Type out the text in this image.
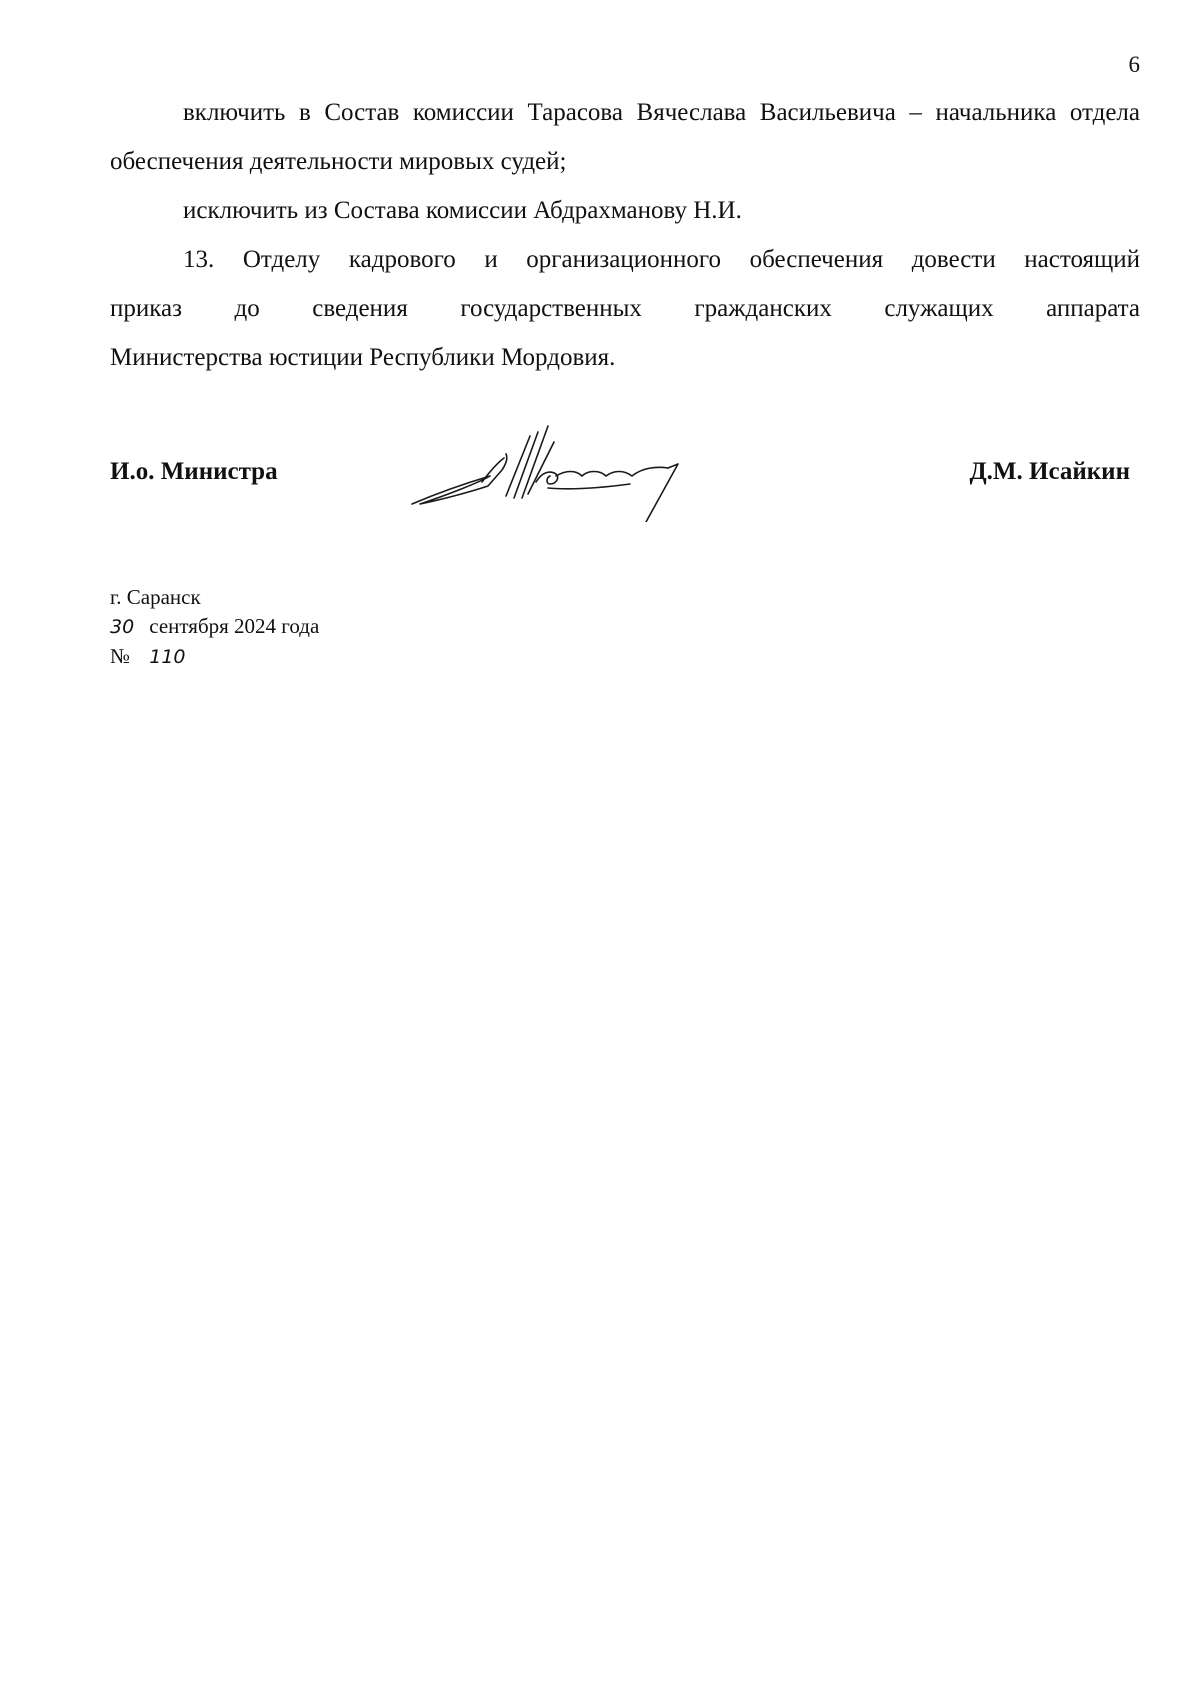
6

включить в Состав комиссии Тарасова Вячеслава Васильевича – начальника отдела обеспечения деятельности мировых судей;

исключить из Состава комиссии Абдрахманову Н.И.

13. Отделу кадрового и организационного обеспечения довести настоящий

приказ до сведения государственных гражданских служащих аппарата

Министерства юстиции Республики Мордовия.

И.о. Министра	Д.М. Исайкин
г. Саранск
30 сентября 2024 года
№ 110
